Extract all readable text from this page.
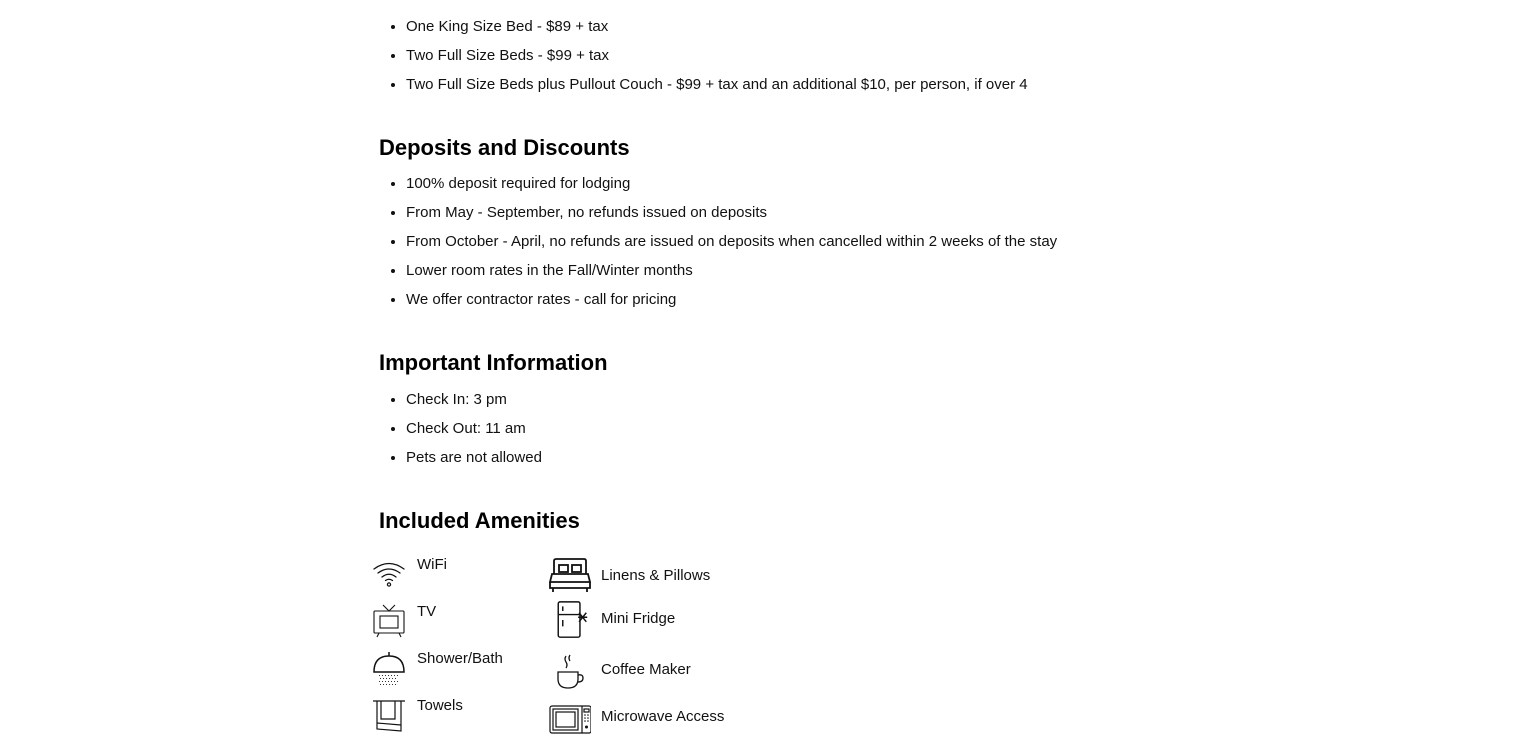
• One King Size Bed - $89 + tax
• Two Full Size Beds - $99 + tax
• Two Full Size Beds plus Pullout Couch - $99 + tax and an additional $10, per person, if over 4
Deposits and Discounts
• 100% deposit required for lodging
• From May - September, no refunds issued on deposits
• From October - April, no refunds are issued on deposits when cancelled within 2 weeks of the stay
• Lower room rates in the Fall/Winter months
• We offer contractor rates - call for pricing
Important Information
• Check In: 3 pm
• Check Out: 11 am
• Pets are not allowed
Included Amenities
WiFi
TV
Shower/Bath
Towels
Linens & Pillows
Mini Fridge
Coffee Maker
Microwave Access
